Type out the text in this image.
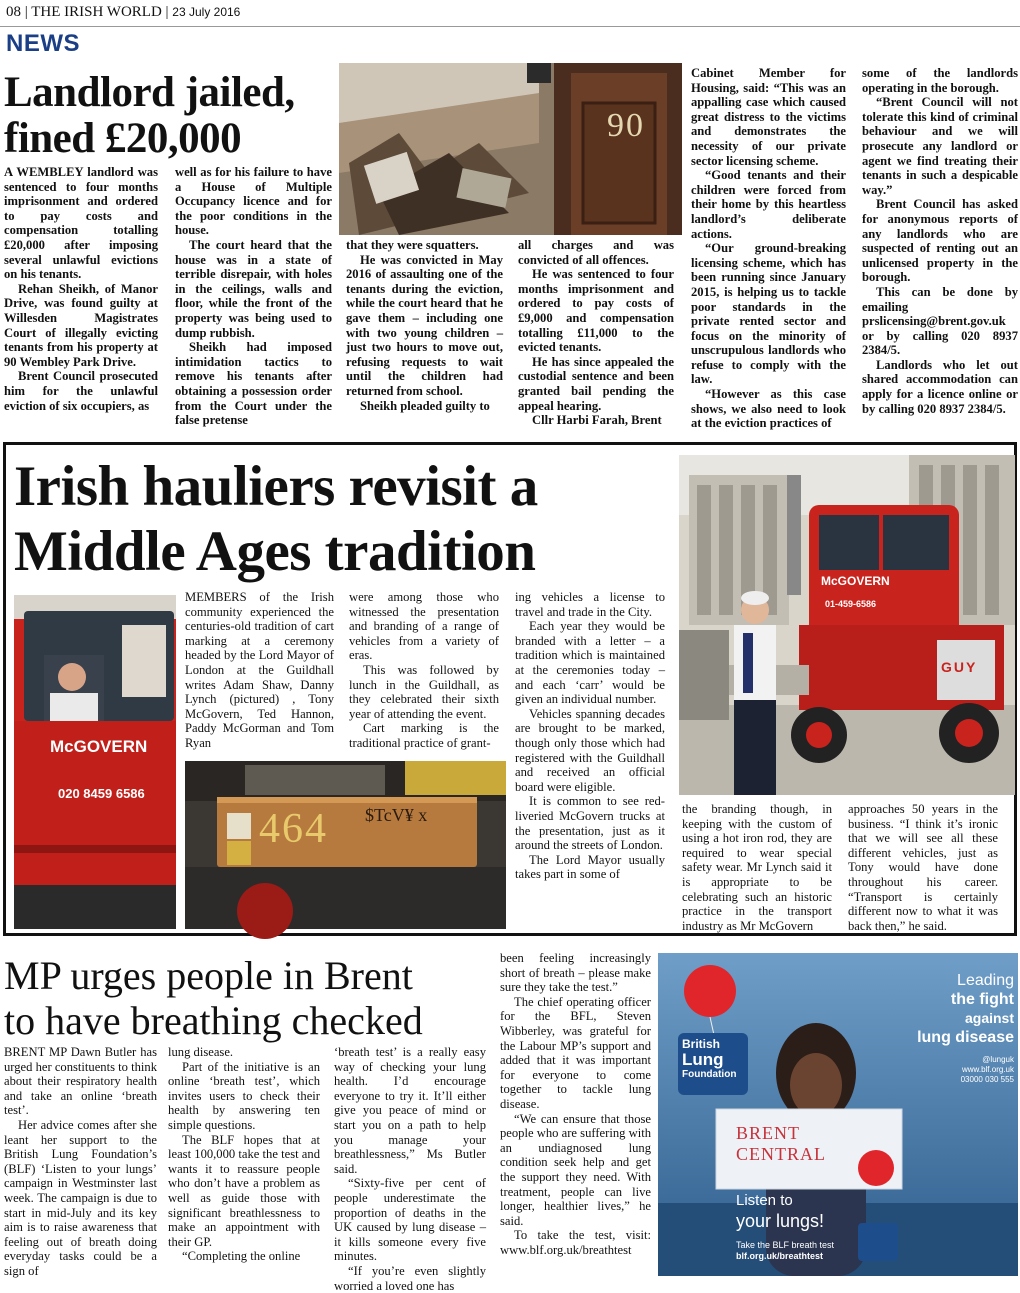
08 | THE IRISH WORLD | 23 July 2016
NEWS
Landlord jailed,
fined £20,000	90

A WEMBLEY landlord was sentenced to four months imprisonment and ordered to pay costs and compensation totalling £20,000 after imposing several unlawful evictions on his tenants.

Rehan Sheikh, of Manor Drive, was found guilty at Willesden Magistrates Court of illegally evicting tenants from his property at 90 Wembley Park Drive.

Brent Council prosecuted him for the unlawful eviction of six occupiers, as

well as for his failure to have a House of Multiple Occupancy licence and for the poor conditions in the house.

The court heard that the house was in a state of terrible disrepair, with holes in the ceilings, walls and floor, while the front of the property was being used to dump rubbish.

Sheikh had imposed intimidation tactics to remove his tenants after obtaining a possession order from the Court under the false pretense

that they were squatters.

He was convicted in May 2016 of assaulting one of the tenants during the eviction, while the court heard that he gave them – including one with two young children – just two hours to move out, refusing requests to wait until the children had returned from school.

Sheikh pleaded guilty to

all charges and was convicted of all offences.

He was sentenced to four months imprisonment and ordered to pay costs of £9,000 and compensation totalling £11,000 to the evicted tenants.

He has since appealed the custodial sentence and been granted bail pending the appeal hearing.

Cllr Harbi Farah, Brent

Cabinet Member for Housing, said: “This was an appalling case which caused great distress to the victims and demonstrates the necessity of our private sector licensing scheme.

“Good tenants and their children were forced from their home by this heartless landlord’s deliberate actions.

“Our ground-breaking licensing scheme, which has been running since January 2015, is helping us to tackle poor standards in the private rented sector and focus on the minority of unscrupulous landlords who refuse to comply with the law.

“However as this case shows, we also need to look at the eviction practices of

some of the landlords operating in the borough.

“Brent Council will not tolerate this kind of criminal behaviour and we will prosecute any landlord or agent we find treating their tenants in such a despicable way.”

Brent Council has asked for anonymous reports of any landlords who are suspected of renting out an unlicensed property in the borough.

This can be done by emailing prslicensing@brent.gov.uk or by calling 020 8937 2384/5.

Landlords who let out shared accommodation can apply for a licence online or by calling 020 8937 2384/5.

Irish hauliers revisit a
Middle Ages tradition	McGOVERN
01-459-6586
GUY
McGOVERN
020 8459 6586
464 $TcV¥ x

MEMBERS of the Irish community experienced the centuries-old tradition of cart marking at a ceremony headed by the Lord Mayor of London at the Guildhall writes Adam Shaw, Danny Lynch (pictured) , Tony McGovern, Ted Hannon, Paddy McGorman and Tom Ryan

were among those who witnessed the presentation and branding of a range of vehicles from a variety of eras.

This was followed by lunch in the Guildhall, as they celebrated their sixth year of attending the event.

Cart marking is the traditional practice of grant-

ing vehicles a license to travel and trade in the City.

Each year they would be branded with a letter – a tradition which is maintained at the ceremonies today – and each ‘carr’ would be given an individual number.

Vehicles spanning decades are brought to be marked, though only those which had registered with the Guildhall and received an official board were eligible.

It is common to see red-liveried McGovern trucks at the presentation, just as it around the streets of London.

The Lord Mayor usually takes part in some of

the branding though, in keeping with the custom of using a hot iron rod, they are required to wear special safety wear. Mr Lynch said it is appropriate to be celebrating such an historic practice in the transport industry as Mr McGovern

approaches 50 years in the business. “I think it’s ironic that we will see all these different vehicles, just as Tony would have done throughout his career. “Transport is certainly different now to what it was back then,” he said.

MP urges people in Brent
to have breathing checked

BRENT MP Dawn Butler has urged her constituents to think about their respiratory health and take an online ‘breath test’.

Her advice comes after she leant her support to the British Lung Foundation’s (BLF) ‘Listen to your lungs’ campaign in Westminster last week. The campaign is due to start in mid-July and its key aim is to raise awareness that feeling out of breath doing everyday tasks could be a sign of

lung disease.

Part of the initiative is an online ‘breath test’, which invites users to check their health by answering ten simple questions.

The BLF hopes that at least 100,000 take the test and wants it to reassure people who don’t have a problem as well as guide those with significant breathlessness to make an appointment with their GP.

“Completing the online

‘breath test’ is a really easy way of checking your lung health. I’d encourage everyone to try it. It’ll either give you peace of mind or start you on a path to help you manage your breathlessness,” Ms Butler said.

“Sixty-five per cent of people underestimate the proportion of deaths in the UK caused by lung disease – it kills someone every five minutes.

“If you’re even slightly worried a loved one has

been feeling increasingly short of breath – please make sure they take the test.”

The chief operating officer for the BFL, Steven Wibberley, was grateful for the Labour MP’s support and added that it was important for everyone to come together to tackle lung disease.

“We can ensure that those people who are suffering with an undiagnosed lung condition seek help and get the support they need. With treatment, people can live longer, healthier lives,” he said.

To take the test, visit: www.blf.org.uk/breathtest

Leading
the fight
against
lung disease
@lunguk
www.blf.org.uk
03000 030 555
British
Lung
Foundation
BRENT CENTRAL
Listen to
your lungs!
Take the BLF breath test
blf.org.uk/breathtest
